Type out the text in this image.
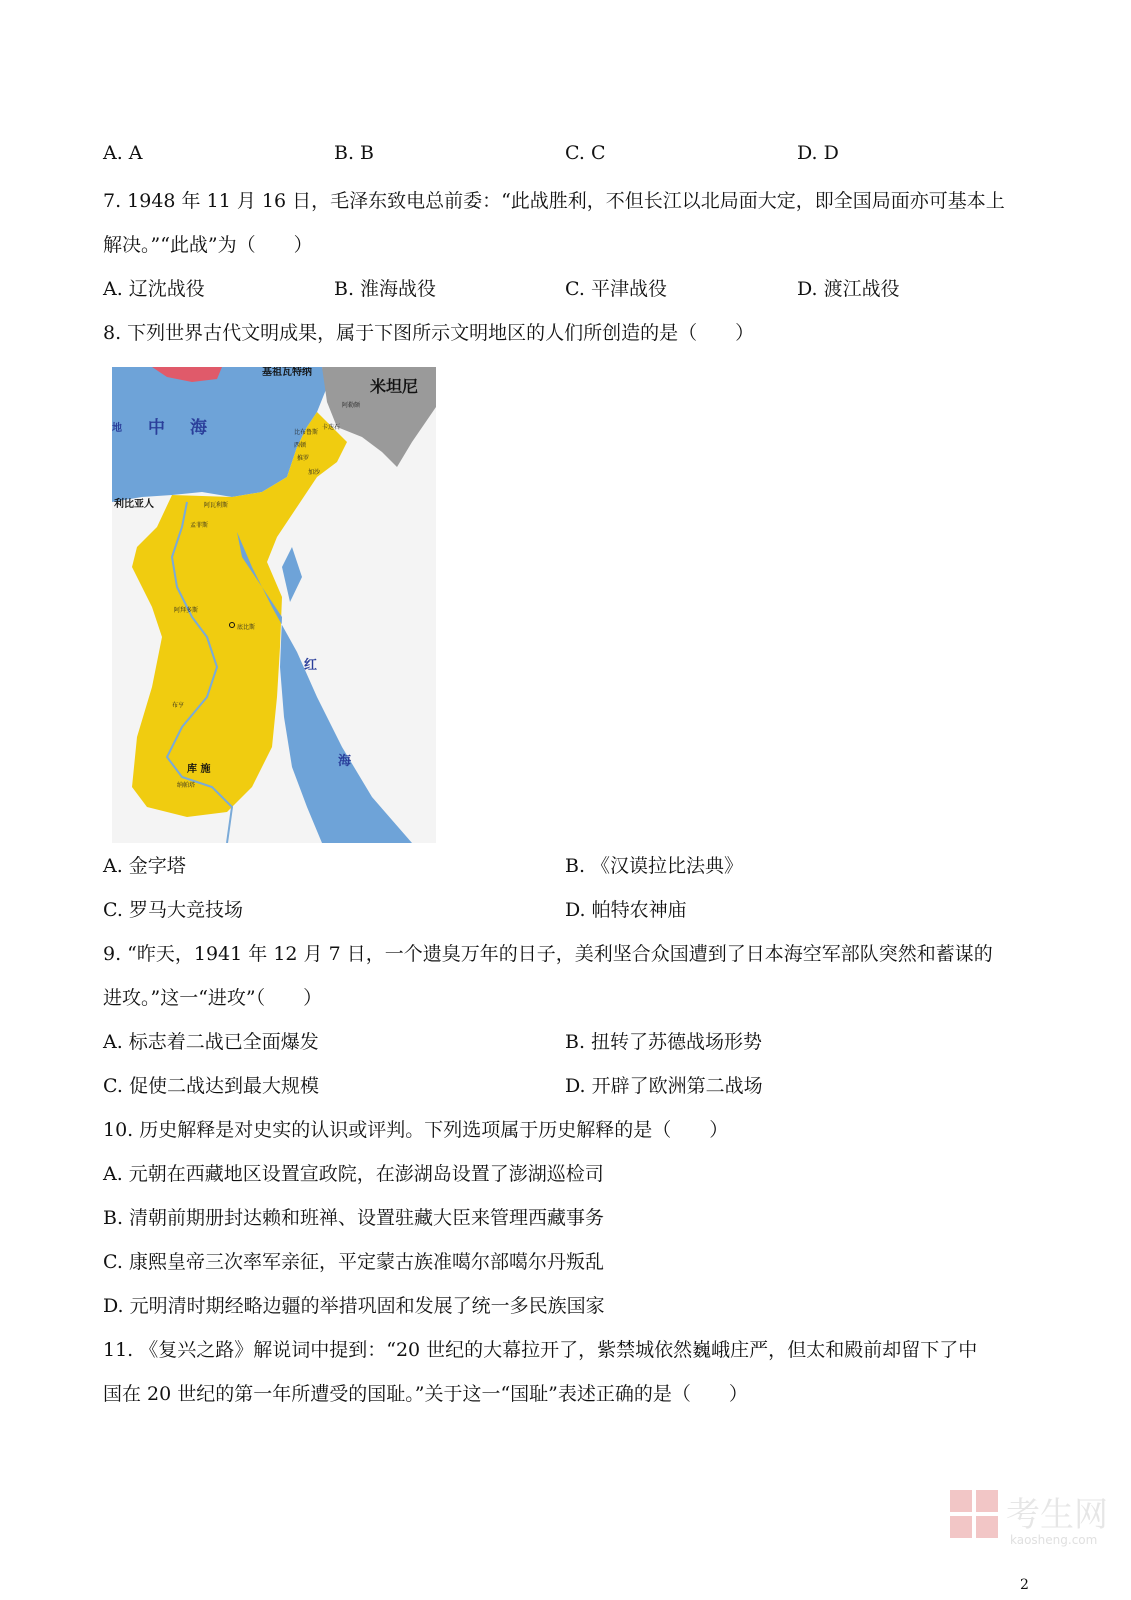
A. A	B. B	C. C	D. D
7. 1948 年 11 月 16 日，毛泽东致电总前委：“此战胜利，不但长江以北局面大定，即全国局面亦可基本上
解决。”“此战”为（　　）
A. 辽沈战役	B. 淮海战役	C. 平津战役	D. 渡江战役
8. 下列世界古代文明成果，属于下图所示文明地区的人们所创造的是（　　）
中 海
地
米坦尼
基祖瓦特纳
利比亚人
红
海
库 施
阿勒颇
卡迭石
比布鲁斯
西顿
推罗
加沙
孟菲斯
阿瓦利斯
底比斯
阿拜多斯
布亨
纳帕塔
A. 金字塔	B. 《汉谟拉比法典》
C. 罗马大竞技场	D. 帕特农神庙
9. “昨天，1941 年 12 月 7 日，一个遗臭万年的日子，美利坚合众国遭到了日本海空军部队突然和蓄谋的
进攻。”这一“进攻”（　　）
A. 标志着二战已全面爆发	B. 扭转了苏德战场形势
C. 促使二战达到最大规模	D. 开辟了欧洲第二战场
10. 历史解释是对史实的认识或评判。下列选项属于历史解释的是（　　）
A. 元朝在西藏地区设置宣政院，在澎湖岛设置了澎湖巡检司
B. 清朝前期册封达赖和班禅、设置驻藏大臣来管理西藏事务
C. 康熙皇帝三次率军亲征，平定蒙古族准噶尔部噶尔丹叛乱
D. 元明清时期经略边疆的举措巩固和发展了统一多民族国家
11. 《复兴之路》解说词中提到：“20 世纪的大幕拉开了，紫禁城依然巍峨庄严，但太和殿前却留下了中
国在 20 世纪的第一年所遭受的国耻。”关于这一“国耻”表述正确的是（　　）
考生网
kaosheng.com
2
